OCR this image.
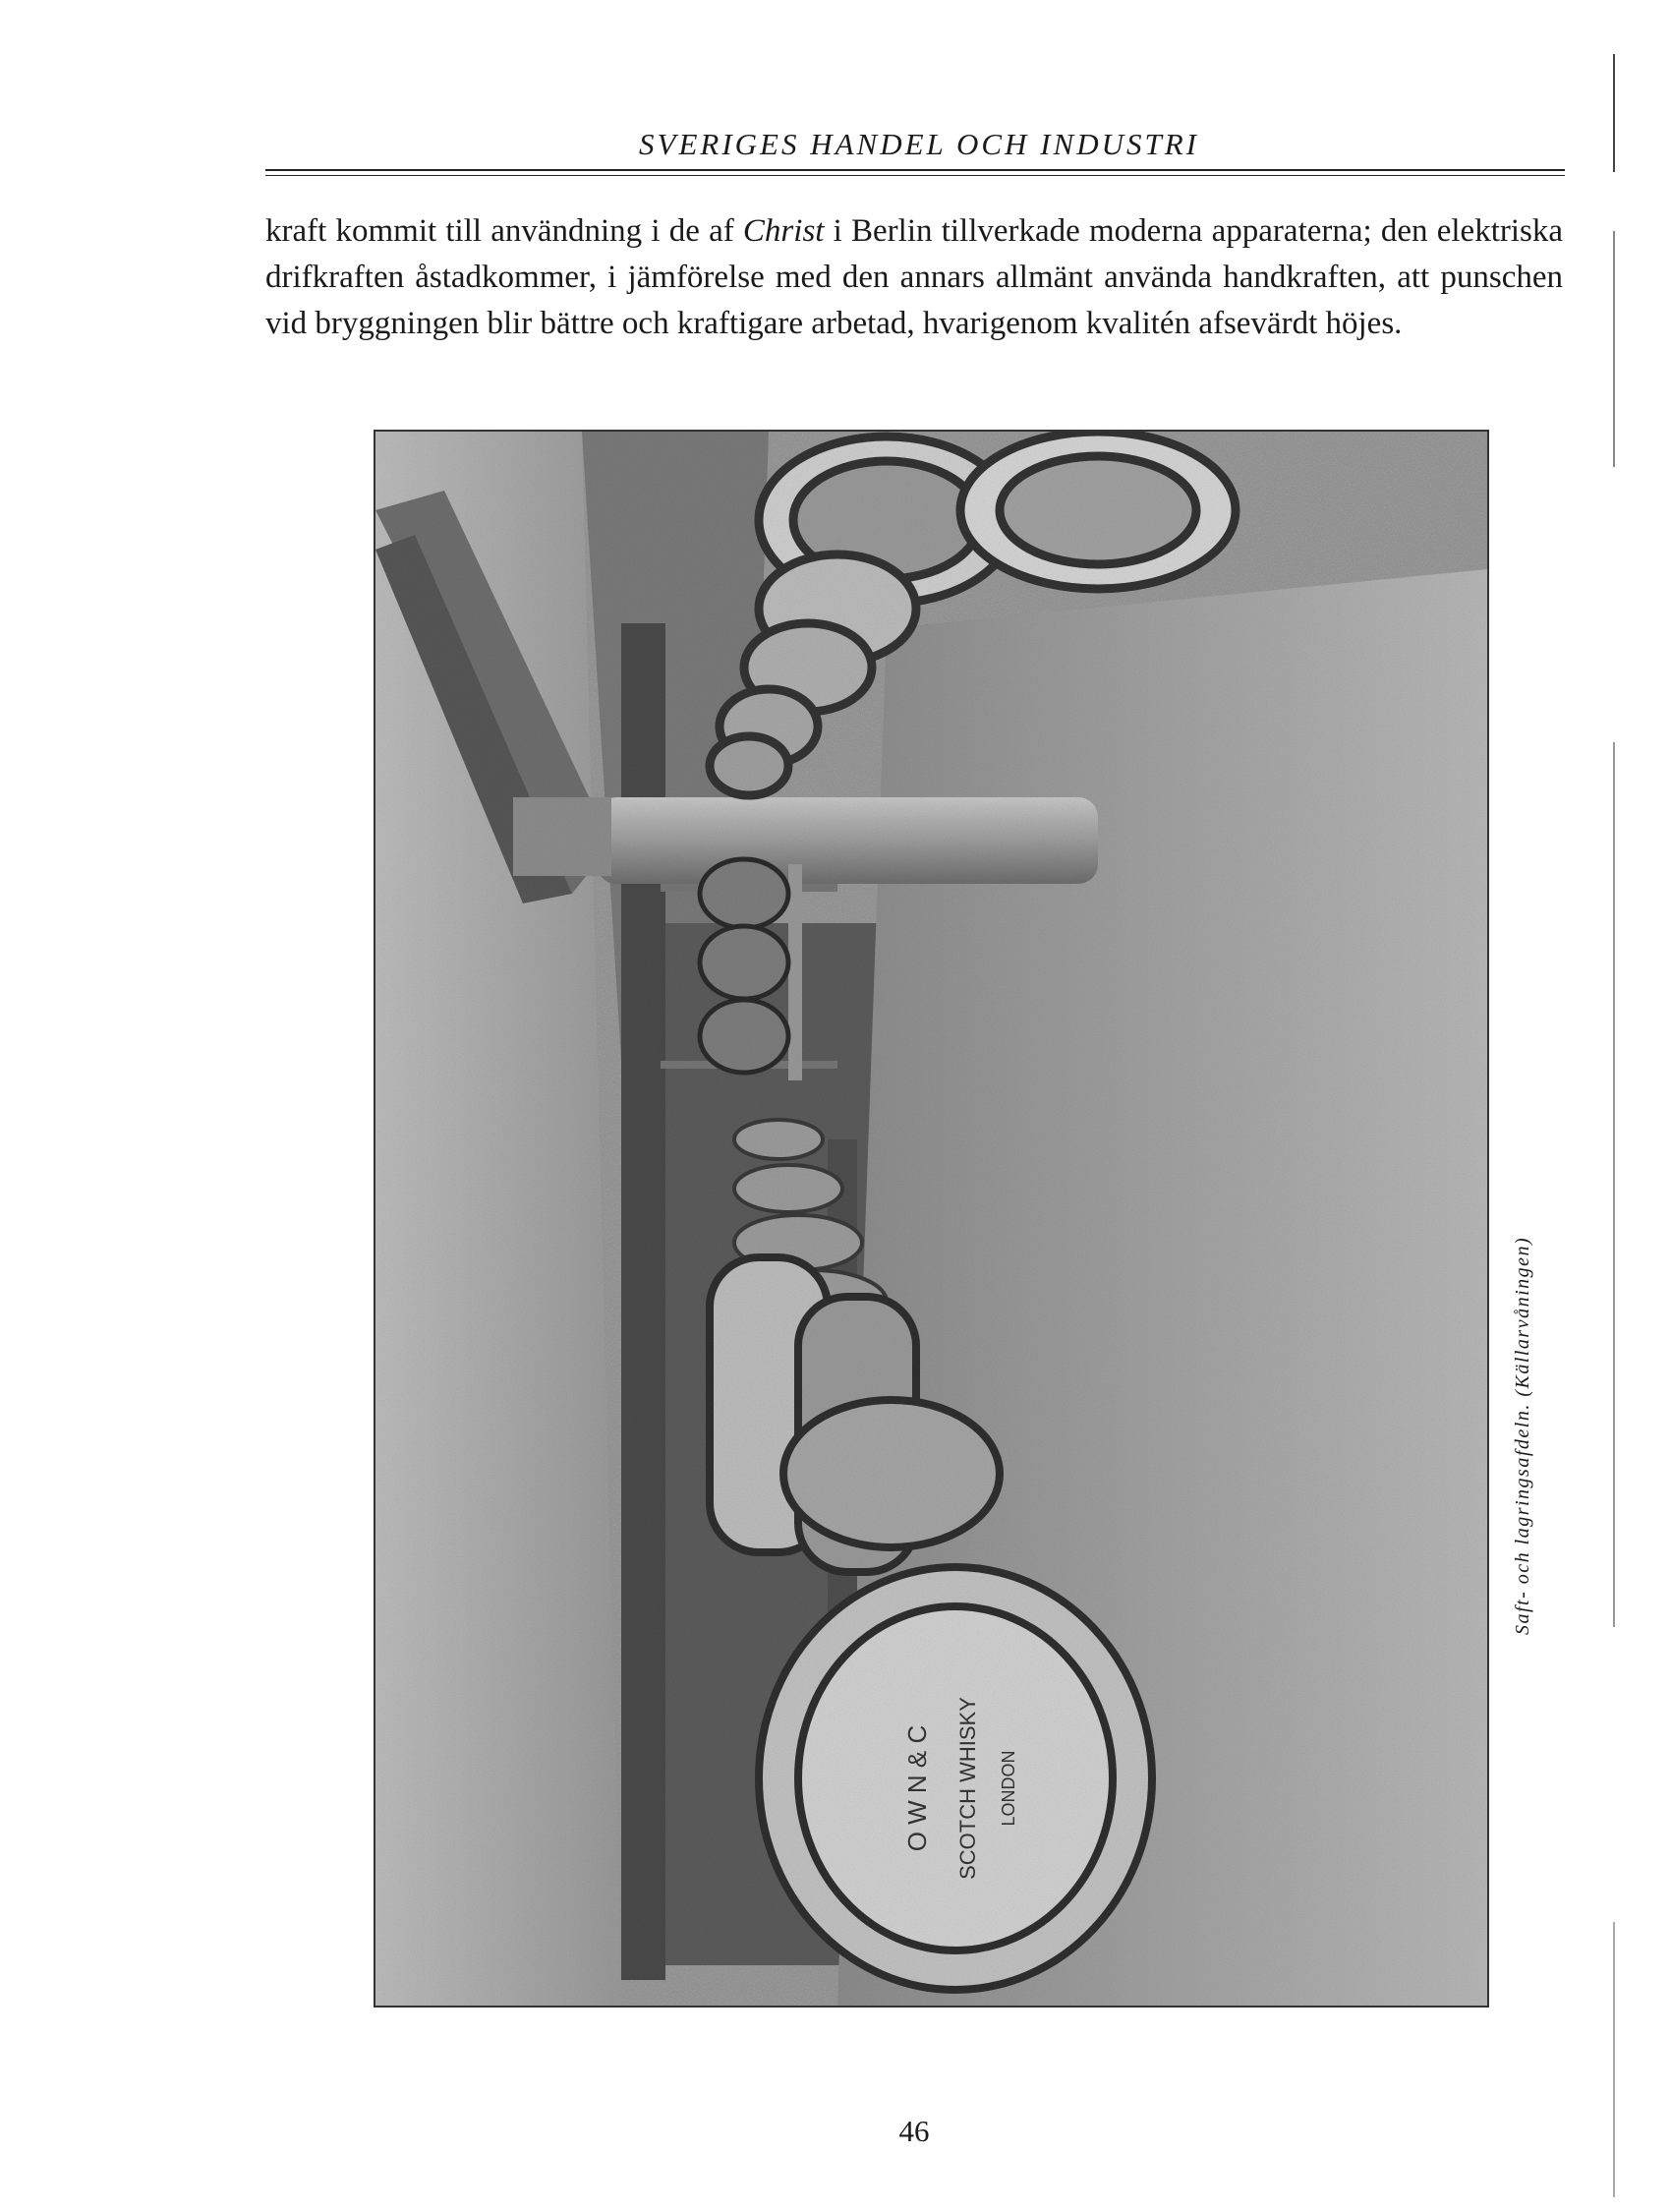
SVERIGES HANDEL OCH INDUSTRI

kraft kommit till användning i de af Christ i Berlin tillverkade moderna apparaterna; den elektriska drifkraften åstadkommer, i jämförelse med den annars allmänt använda handkraften, att punschen vid bryggningen blir bättre och kraftigare arbetad, hvarigenom kvalitén afsevärdt höjes.

O W N & C SCOTCH WHISKY LONDON
Saft- och lagringsafdeln. (Källarvåningen)
46
